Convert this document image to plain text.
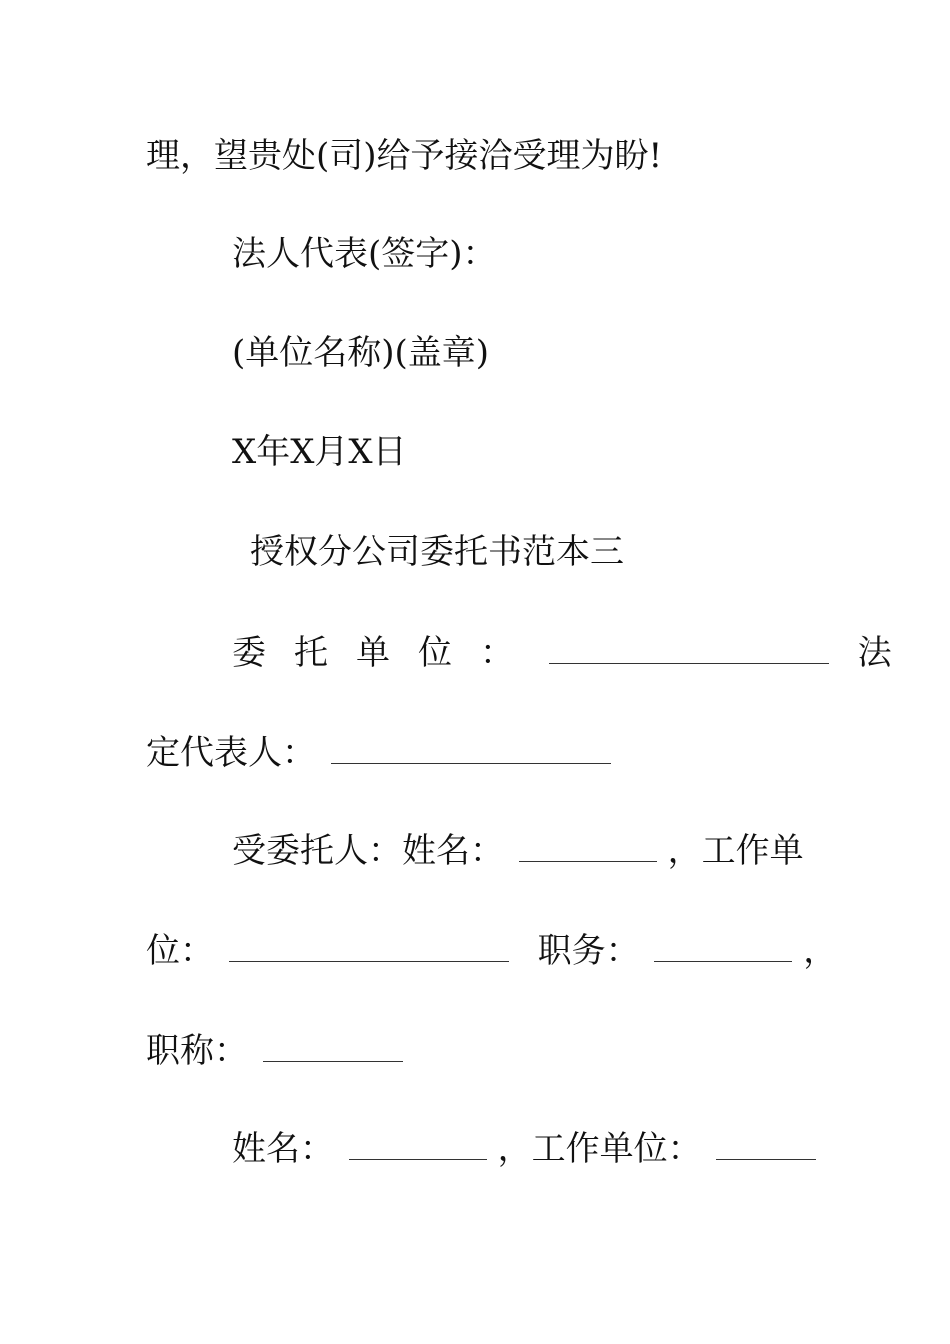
理，望贵处(司)给予接洽受理为盼!
法人代表(签字)：
(单位名称)(盖章)
X年X月X日
授权分公司委托书范本三
委托单位：	法
定代表人：
受委托人：姓名：	，工作单
位：	职务：	，
职称：
姓名：	，工作单位：
